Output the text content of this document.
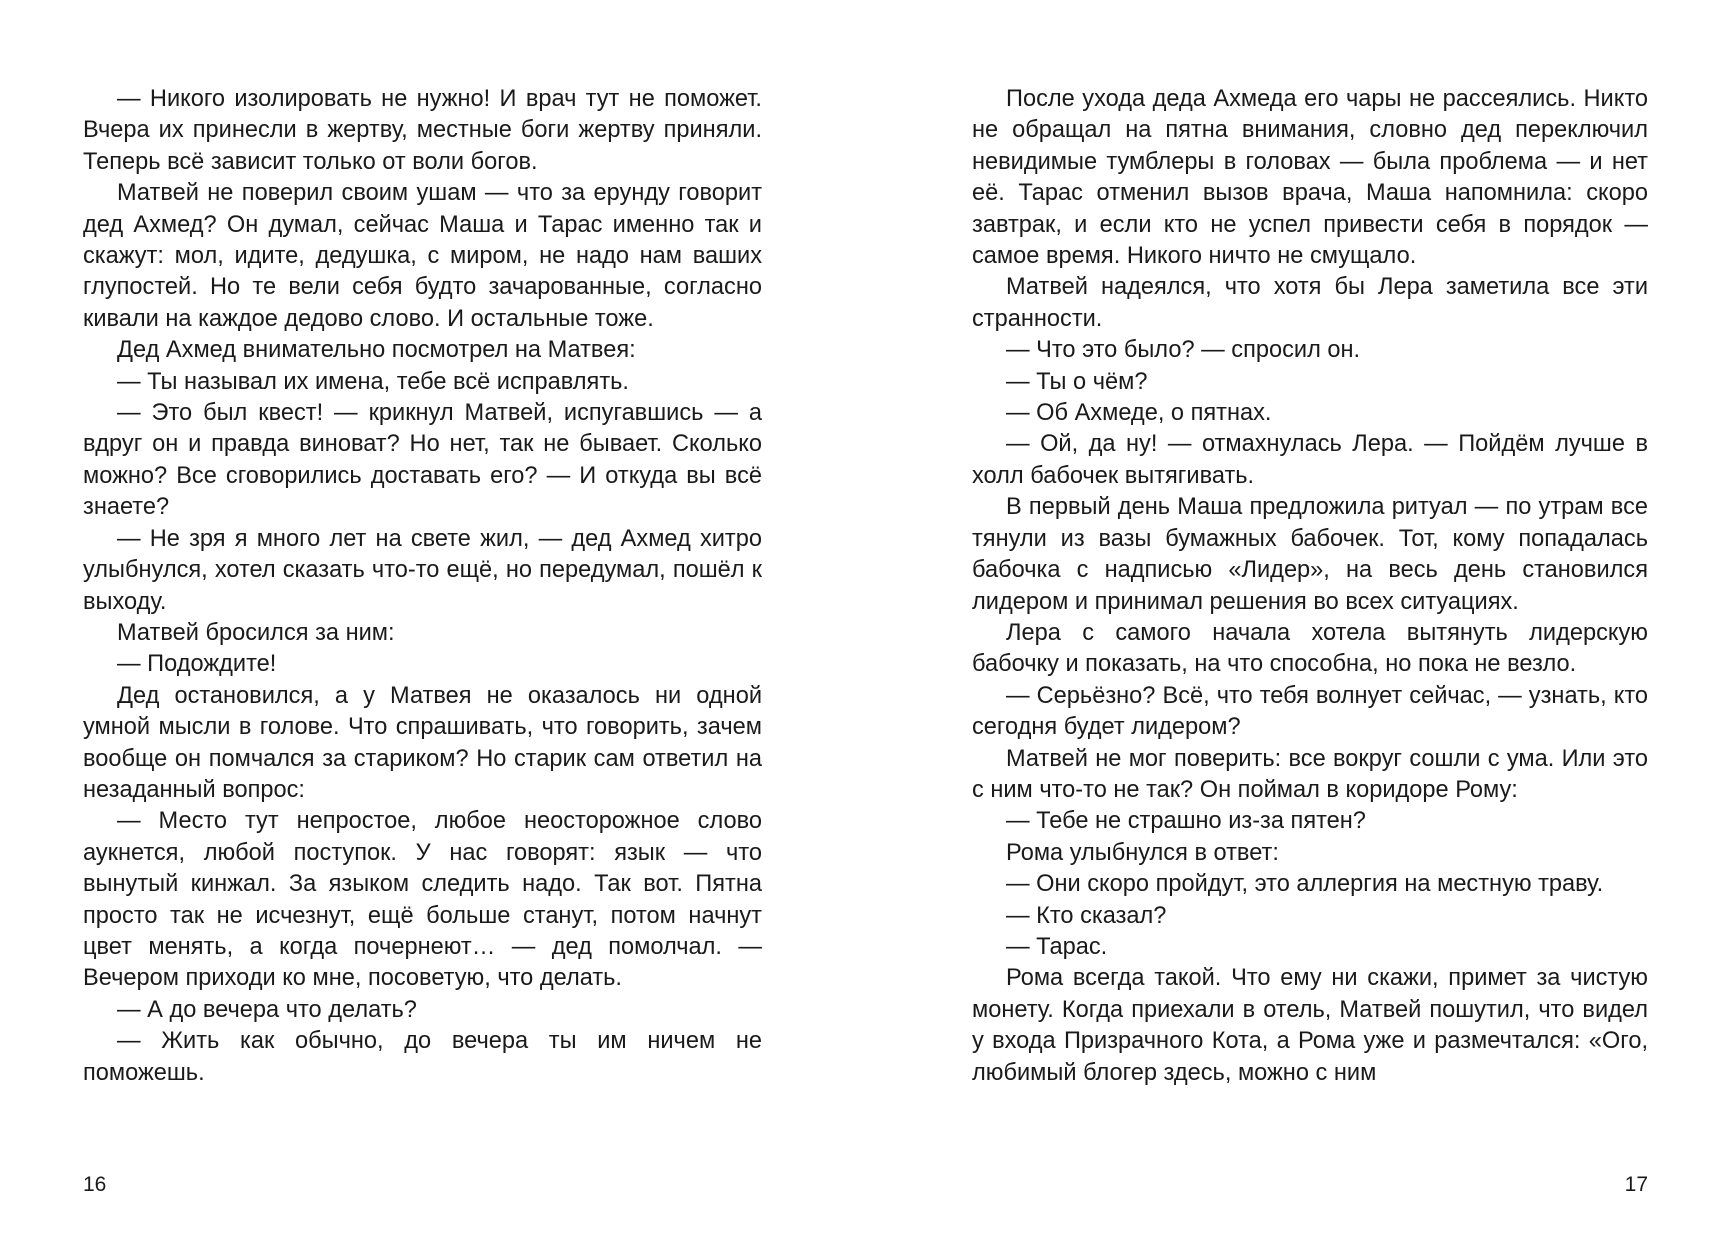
— Никого изолировать не нужно! И врач тут не поможет. Вчера их принесли в жертву, местные боги жертву приняли. Теперь всё зависит только от воли богов.

Матвей не поверил своим ушам — что за ерунду говорит дед Ахмед? Он думал, сейчас Маша и Тарас именно так и скажут: мол, идите, дедушка, с миром, не надо нам ваших глупостей. Но те вели себя будто зачарованные, согласно кивали на каждое дедово слово. И остальные тоже.

Дед Ахмед внимательно посмотрел на Матвея:

— Ты называл их имена, тебе всё исправлять.

— Это был квест! — крикнул Матвей, испугавшись — а вдруг он и правда виноват? Но нет, так не бывает. Сколько можно? Все сговорились доставать его? — И откуда вы всё знаете?

— Не зря я много лет на свете жил, — дед Ахмед хитро улыбнулся, хотел сказать что-то ещё, но передумал, пошёл к выходу.

Матвей бросился за ним:

— Подождите!

Дед остановился, а у Матвея не оказалось ни одной умной мысли в голове. Что спрашивать, что говорить, зачем вообще он помчался за стариком? Но старик сам ответил на незаданный вопрос:

— Место тут непростое, любое неосторожное слово аукнется, любой поступок. У нас говорят: язык — что вынутый кинжал. За языком следить надо. Так вот. Пятна просто так не исчезнут, ещё больше станут, потом начнут цвет менять, а когда почернеют… — дед помолчал. — Вечером приходи ко мне, посоветую, что делать.

— А до вечера что делать?

— Жить как обычно, до вечера ты им ничем не поможешь.

16

После ухода деда Ахмеда его чары не рассеялись. Никто не обращал на пятна внимания, словно дед переключил невидимые тумблеры в головах — была проблема — и нет её. Тарас отменил вызов врача, Маша напомнила: скоро завтрак, и если кто не успел привести себя в порядок — самое время. Никого ничто не смущало.

Матвей надеялся, что хотя бы Лера заметила все эти странности.

— Что это было? — спросил он.

— Ты о чём?

— Об Ахмеде, о пятнах.

— Ой, да ну! — отмахнулась Лера. — Пойдём лучше в холл бабочек вытягивать.

В первый день Маша предложила ритуал — по утрам все тянули из вазы бумажных бабочек. Тот, кому попадалась бабочка с надписью «Лидер», на весь день становился лидером и принимал решения во всех ситуациях.

Лера с самого начала хотела вытянуть лидерскую бабочку и показать, на что способна, но пока не везло.

— Серьёзно? Всё, что тебя волнует сейчас, — узнать, кто сегодня будет лидером?

Матвей не мог поверить: все вокруг сошли с ума. Или это с ним что-то не так? Он поймал в коридоре Рому:

— Тебе не страшно из-за пятен?

Рома улыбнулся в ответ:

— Они скоро пройдут, это аллергия на местную траву.

— Кто сказал?

— Тарас.

Рома всегда такой. Что ему ни скажи, примет за чистую монету. Когда приехали в отель, Матвей пошутил, что видел у входа Призрачного Кота, а Рома уже и размечтался: «Ого, любимый блогер здесь, можно с ним

17
